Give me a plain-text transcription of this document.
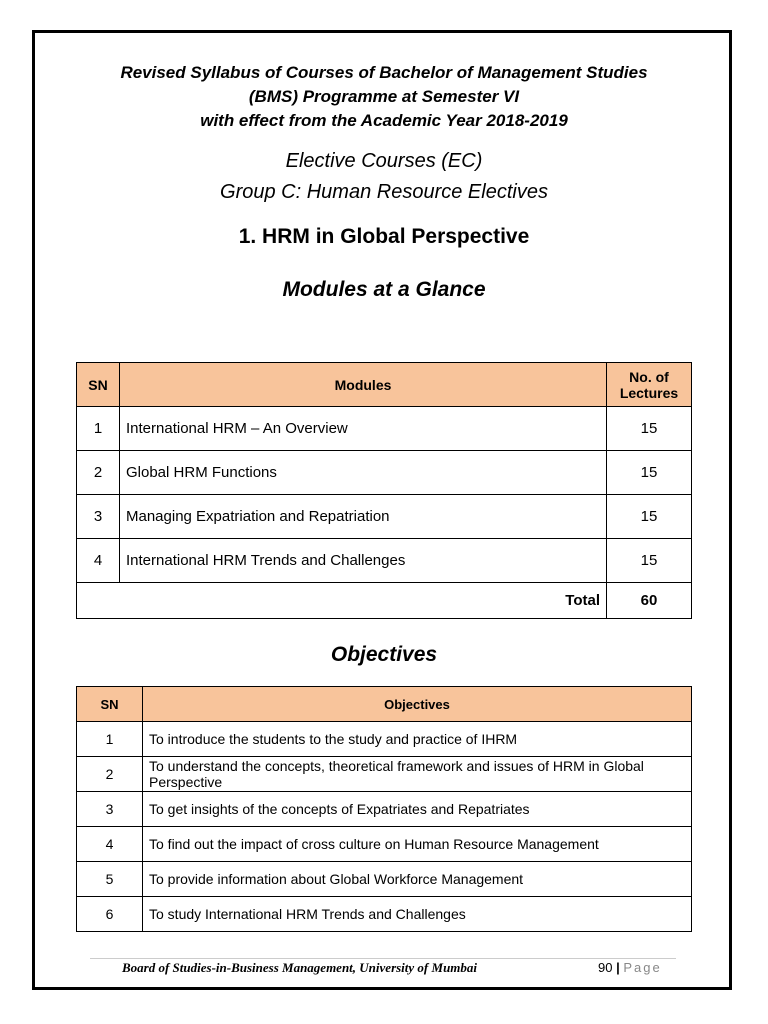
Revised Syllabus of Courses of Bachelor of Management Studies
(BMS) Programme at Semester VI
with effect from the Academic Year 2018-2019
Elective Courses (EC)
Group C: Human Resource Electives
1. HRM in Global Perspective
Modules at a Glance
SN	Modules	No. of
Lectures
1	International HRM – An Overview	15
2	Global HRM Functions	15
3	Managing Expatriation and Repatriation	15
4	International HRM Trends and Challenges	15
Total		60
Objectives
SN	Objectives
1	To introduce the students to the study and practice of IHRM
2	To understand the concepts, theoretical framework and issues of HRM in Global Perspective
3	To get insights of the concepts of Expatriates and Repatriates
4	To find out the impact of cross culture on Human Resource Management
5	To provide information about Global Workforce Management
6	To study International HRM Trends and Challenges
Board of Studies-in-Business Management, University of Mumbai	90 | Page
